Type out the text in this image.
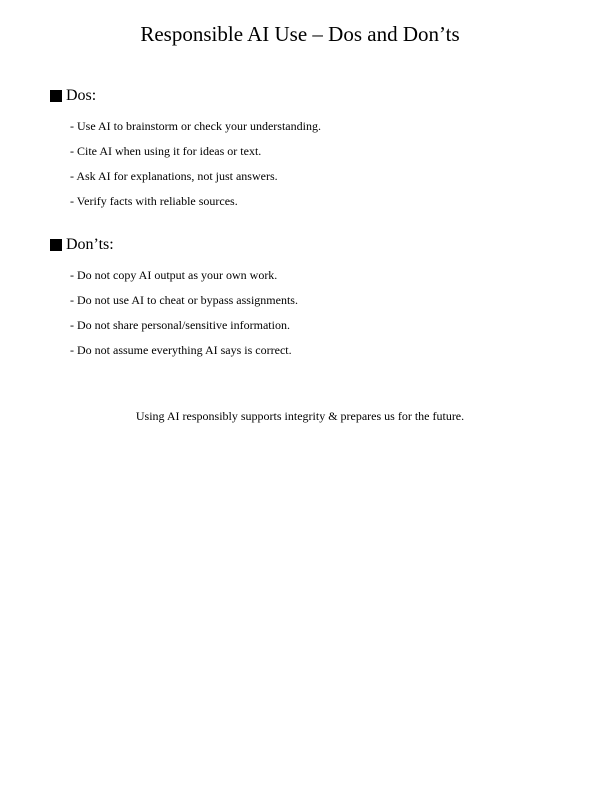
Responsible AI Use – Dos and Don’ts
Dos:
- Use AI to brainstorm or check your understanding.
- Cite AI when using it for ideas or text.
- Ask AI for explanations, not just answers.
- Verify facts with reliable sources.
Don’ts:
- Do not copy AI output as your own work.
- Do not use AI to cheat or bypass assignments.
- Do not share personal/sensitive information.
- Do not assume everything AI says is correct.

Using AI responsibly supports integrity & prepares us for the future.
